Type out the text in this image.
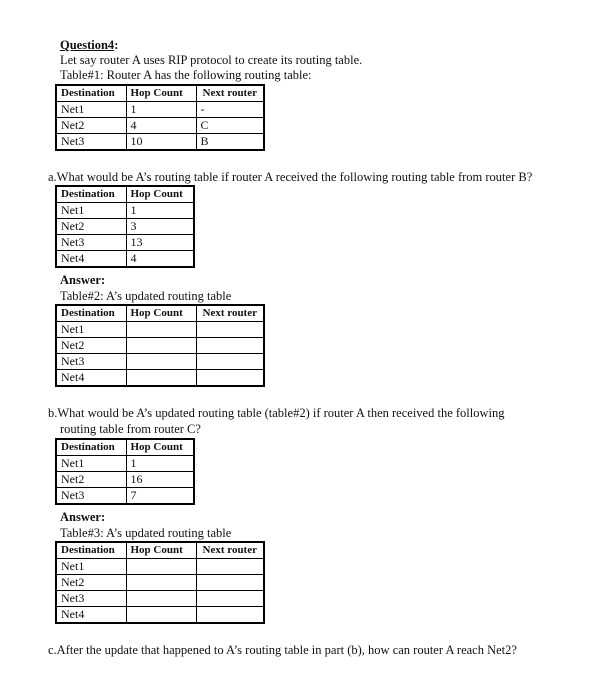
Question4:
Let say router A uses RIP protocol to create its routing table.
Table#1: Router A has the following routing table:
Destination	Hop Count	Next router
Net1	1	-
Net2	4	C
Net3	10	B
a.What would be A’s routing table if router A received the following routing table from router B?
Destination	Hop Count
Net1	1
Net2	3
Net3	13
Net4	4
Answer:
Table#2: A’s updated routing table
Destination	Hop Count	Next router
Net1		
Net2		
Net3		
Net4		
b.What would be A’s updated routing table (table#2) if router A then received the following
routing table from router C?
Destination	Hop Count
Net1	1
Net2	16
Net3	7
Answer:
Table#3: A’s updated routing table
Destination	Hop Count	Next router
Net1		
Net2		
Net3		
Net4		
c.After the update that happened to A’s routing table in part (b), how can router A reach Net2?
